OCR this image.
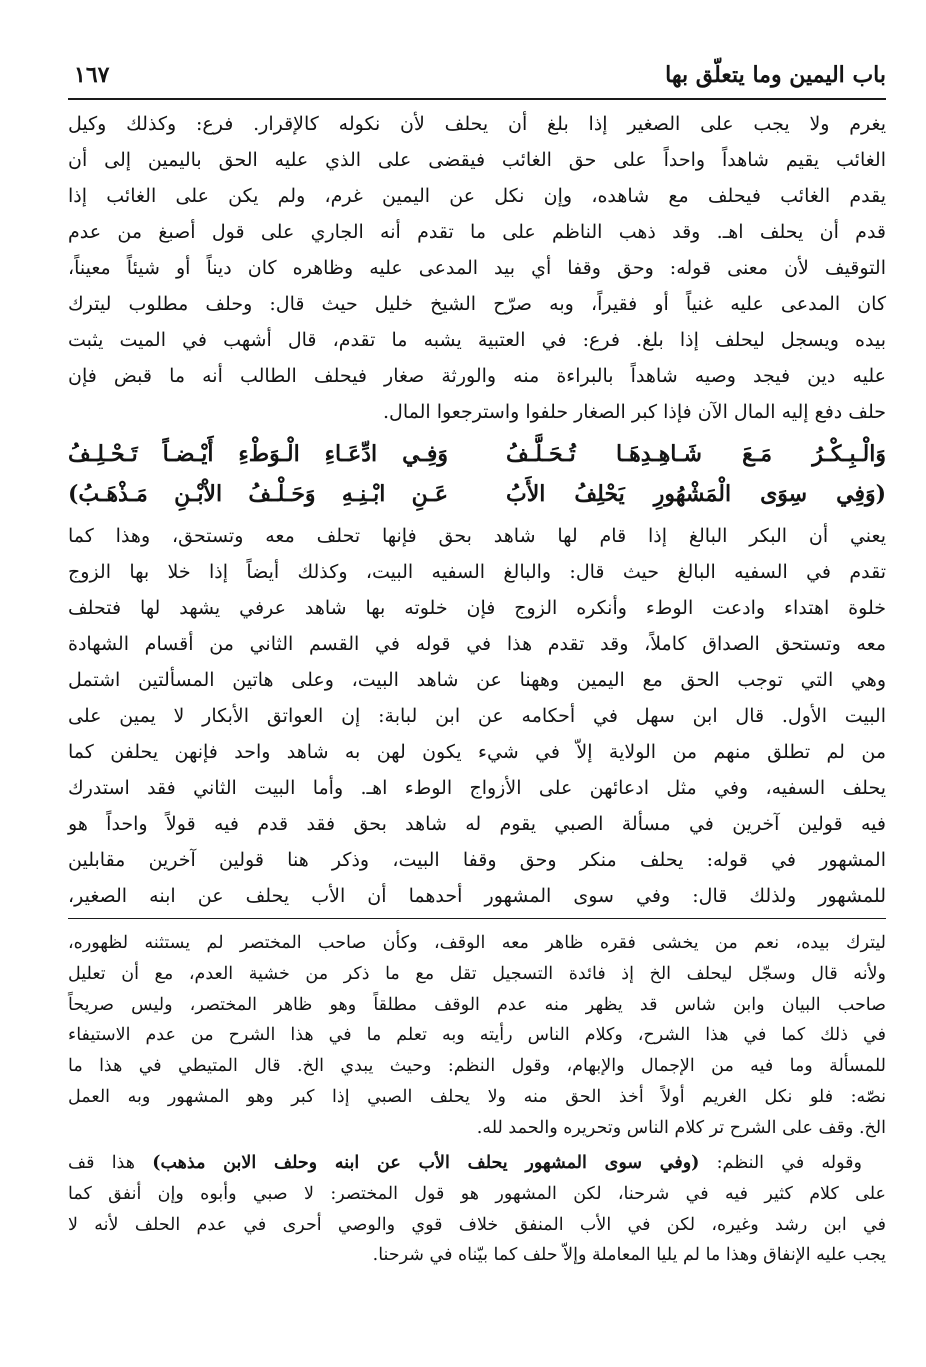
باب اليمين وما يتعلّق بها
١٦٧
يغرم ولا يجب على الصغير إذا بلغ أن يحلف لأن نكوله كالإقرار. فرع: وكذلك وكيل
الغائب يقيم شاهداً واحداً على حق الغائب فيقضى على الذي عليه الحق باليمين إلى أن
يقدم الغائب فيحلف مع شاهده، وإن نكل عن اليمين غرم، ولم يكن على الغائب إذا
قدم أن يحلف اهـ. وقد ذهب الناظم على ما تقدم أنه الجاري على قول أصبغ من عدم
التوقيف لأن معنى قوله: وحق وقفا أي بيد المدعى عليه وظاهره كان ديناً أو شيئاً معيناً،
كان المدعى عليه غنياً أو فقيراً، وبه صرّح الشيخ خليل حيث قال: وحلف مطلوب ليترك
بيده ويسجل ليحلف إذا بلغ. فرع: في العتبية يشبه ما تقدم، قال أشهب في الميت يثبت
عليه دين فيجد وصيه شاهداً بالبراءة منه والورثة صغار فيحلف الطالب أنه ما قبض فإن
حلف دفع إليه المال الآن فإذا كبر الصغار حلفوا واسترجعوا المال.
وَالْـبِـكْـرُ مَـعَ شَـاهِـدِهَـا تُـحَـلَّـفُ
وَفِـي ادِّعَـاءِ الْـوَطْءِ أَيْـضـاً تَـحْـلِـفُ
(وَفِي سِوَى الْمَشْهُورِ يَحْلِفُ الأَبُ
عَـنِ ابْـنِـهِ وَحَـلْـفُ الاْبْـنِ مَـذْهَـبُ)
يعني أن البكر البالغ إذا قام لها شاهد بحق فإنها تحلف معه وتستحق، وهذا كما
تقدم في السفيه البالغ حيث قال: والبالغ السفيه البيت، وكذلك أيضاً إذا خلا بها الزوج
خلوة اهتداء وادعت الوطء وأنكره الزوج فإن خلوته بها شاهد عرفي يشهد لها فتحلف
معه وتستحق الصداق كاملاً، وقد تقدم هذا في قوله في القسم الثاني من أقسام الشهادة
وهي التي توجب الحق مع اليمين وههنا عن شاهد البيت، وعلى هاتين المسألتين اشتمل
البيت الأول. قال ابن سهل في أحكامه عن ابن لبابة: إن العواتق الأبكار لا يمين على
من لم تطلق منهم من الولاية إلاّ في شيء يكون لهن به شاهد واحد فإنهن يحلفن كما
يحلف السفيه، وفي مثل ادعائهن على الأزواج الوطء اهـ. وأما البيت الثاني فقد استدرك
فيه قولين آخرين في مسألة الصبي يقوم له شاهد بحق فقد قدم فيه قولاً واحداً هو
المشهور في قوله: يحلف منكر وحق وقفا البيت، وذكر هنا قولين آخرين مقابلين
للمشهور ولذلك قال: وفي سوى المشهور أحدهما أن الأب يحلف عن ابنه الصغير،
ليترك بيده، نعم من يخشى فقره ظاهر معه الوقف، وكأن صاحب المختصر لم يستثنه لظهوره،
ولأنه قال وسجّل ليحلف الخ إذ فائدة التسجيل تقل مع ما ذكر من خشية العدم، مع أن تعليل
صاحب البيان وابن شاس قد يظهر منه عدم الوقف مطلقاً وهو ظاهر المختصر، وليس صريحاً
في ذلك كما في هذا الشرح، وكلام الناس رأيته وبه تعلم ما في هذا الشرح من عدم الاستيفاء
للمسألة وما فيه من الإجمال والإبهام، وقول النظم: وحيث يبدي الخ. قال المتيطي في هذا ما
نصّه: فلو نكل الغريم أولاً أخذ الحق منه ولا يحلف الصبي إذا كبر وهو المشهور وبه العمل
الخ. وقف على الشرح تر كلام الناس وتحريره والحمد لله.
وقوله في النظم: (وفي سوى المشهور يحلف الأب عن ابنه وحلف الابن مذهب) هذا قف
على كلام كثير فيه في شرحنا، لكن المشهور هو قول المختصر: لا صبي وأبوه وإن أنفق كما
في ابن رشد وغيره، لكن في الأب المنفق خلاف قوي والوصي أحرى في عدم الحلف لأنه لا
يجب عليه الإنفاق وهذا ما لم يليا المعاملة وإلاّ حلف كما بيّناه في شرحنا.
